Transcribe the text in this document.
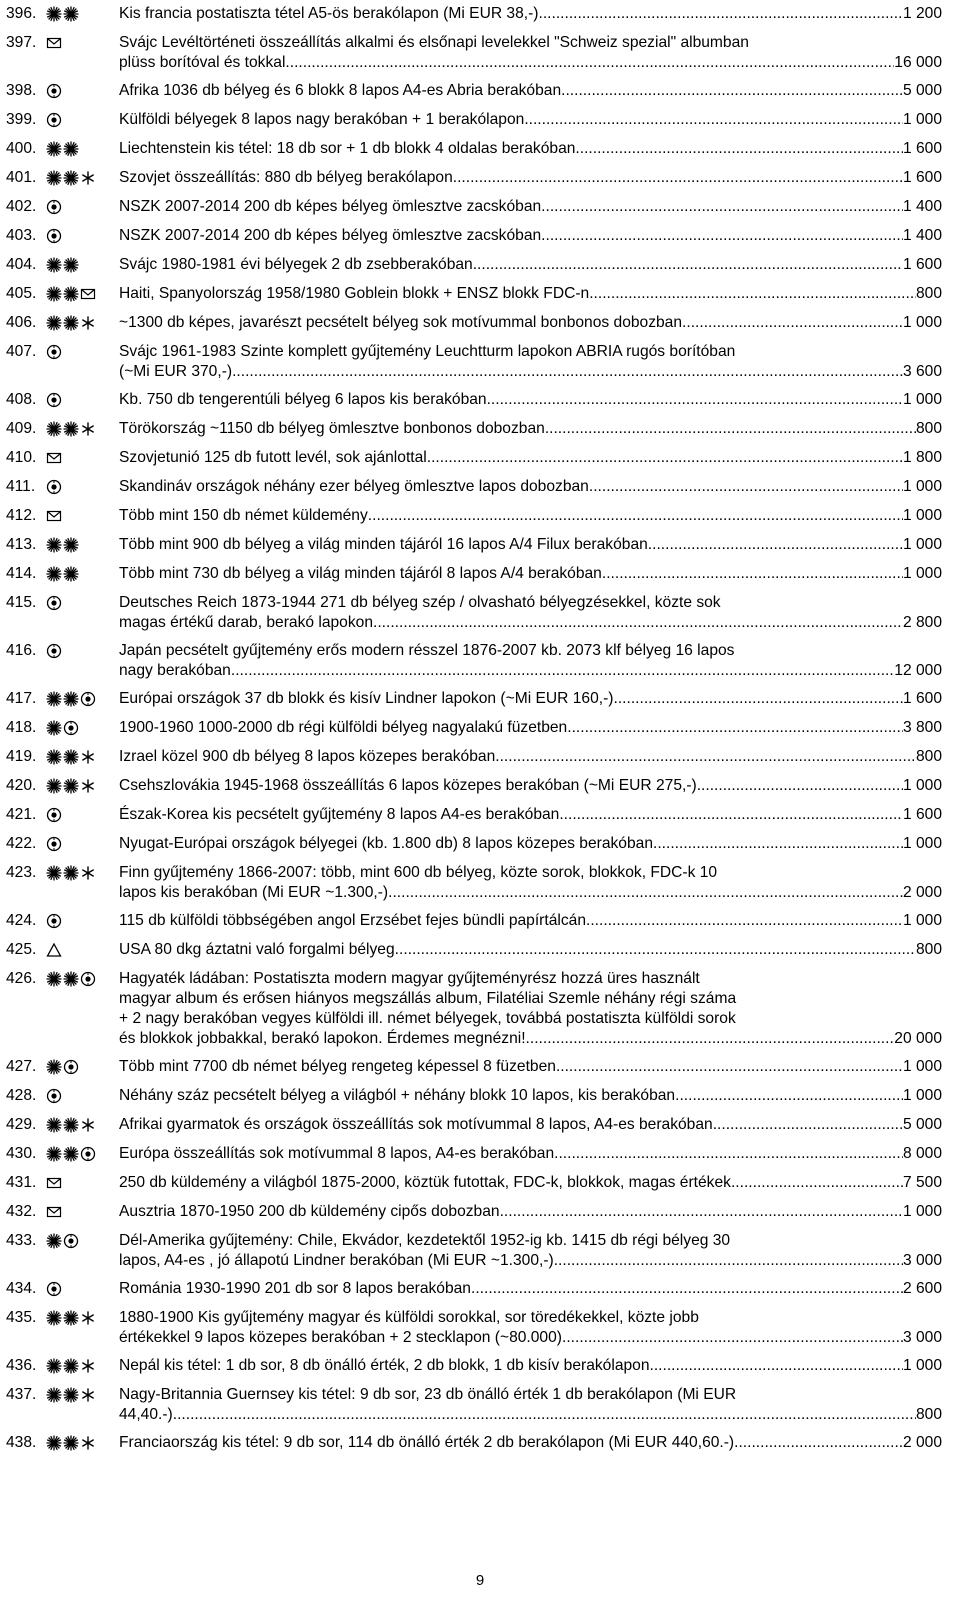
396.	Kis francia postatiszta tétel A5-ös berakólapon (Mi EUR 38,-) .....	1 200
397.	Svájc Levéltörténeti összeállítás alkalmi és elsőnapi levelekkel "Schweiz spezial" albumban
plüss borítóval és tokkal .....	16 000
398.	Afrika 1036 db bélyeg és 6 blokk 8 lapos A4-es Abria berakóban .....	5 000
399.	Külföldi bélyegek 8 lapos nagy berakóban + 1 berakólapon .....	1 000
400.	Liechtenstein kis tétel: 18 db sor + 1 db blokk 4 oldalas berakóban .....	1 600
401.	Szovjet összeállítás: 880 db bélyeg berakólapon .....	1 600
402.	NSZK 2007-2014 200 db képes bélyeg ömlesztve zacskóban .....	1 400
403.	NSZK 2007-2014 200 db képes bélyeg ömlesztve zacskóban .....	1 400
404.	Svájc 1980-1981 évi bélyegek 2 db zsebberakóban .....	1 600
405.	Haiti, Spanyolország 1958/1980 Goblein blokk + ENSZ blokk FDC-n .....	800
406.	~1300 db képes, javarészt pecsételt bélyeg sok motívummal bonbonos dobozban .....	1 000
407.	Svájc 1961-1983 Szinte komplett gyűjtemény Leuchtturm lapokon ABRIA rugós borítóban
(~Mi EUR 370,-) .....	3 600
408.	Kb. 750 db tengerentúli bélyeg 6 lapos kis berakóban .....	1 000
409.	Törökország ~1150 db bélyeg ömlesztve bonbonos dobozban .....	800
410.	Szovjetunió 125 db futott levél, sok ajánlottal .....	1 800
411.	Skandináv országok néhány ezer bélyeg ömlesztve lapos dobozban .....	1 000
412.	Több mint 150 db német küldemény .....	1 000
413.	Több mint 900 db bélyeg a világ minden tájáról 16 lapos A/4 Filux berakóban .....	1 000
414.	Több mint 730 db bélyeg a világ minden tájáról 8 lapos A/4 berakóban .....	1 000
415.	Deutsches Reich 1873-1944 271 db bélyeg szép / olvasható bélyegzésekkel, közte sok
magas értékű darab, berakó lapokon .....	2 800
416.	Japán pecsételt gyűjtemény erős modern résszel 1876-2007 kb. 2073 klf bélyeg 16 lapos
nagy berakóban .....	12 000
417.	Európai országok 37 db blokk és kisív Lindner lapokon (~Mi EUR 160,-) .....	1 600
418.	1900-1960 1000-2000 db régi külföldi bélyeg nagyalakú füzetben .....	3 800
419.	Izrael közel 900 db bélyeg 8 lapos közepes berakóban .....	800
420.	Csehszlovákia 1945-1968 összeállítás 6 lapos közepes berakóban (~Mi EUR 275,-) .....	1 000
421.	Észak-Korea kis pecsételt gyűjtemény 8 lapos A4-es berakóban .....	1 600
422.	Nyugat-Európai országok bélyegei (kb. 1.800 db) 8 lapos közepes berakóban .....	1 000
423.	Finn gyűjtemény 1866-2007: több, mint 600 db bélyeg, közte sorok, blokkok, FDC-k 10
lapos kis berakóban (Mi EUR ~1.300,-) .....	2 000
424.	115 db külföldi többségében angol Erzsébet fejes bündli papírtálcán .....	1 000
425.	USA 80 dkg áztatni való forgalmi bélyeg .....	800
426.	Hagyaték ládában: Postatiszta modern magyar gyűjteményrész hozzá üres használt
magyar album és erősen hiányos megszállás album, Filatéliai Szemle néhány régi száma
+ 2 nagy berakóban vegyes külföldi ill. német bélyegek, továbbá postatiszta külföldi sorok
és blokkok jobbakkal, berakó lapokon. Érdemes megnézni! .....	20 000
427.	Több mint 7700 db német bélyeg rengeteg képessel 8 füzetben .....	1 000
428.	Néhány száz pecsételt bélyeg a világból + néhány blokk 10 lapos, kis berakóban .....	1 000
429.	Afrikai gyarmatok és országok összeállítás sok motívummal 8 lapos, A4-es berakóban .....	5 000
430.	Európa összeállítás sok motívummal 8 lapos, A4-es berakóban .....	8 000
431.	250 db küldemény a világból 1875-2000, köztük futottak, FDC-k, blokkok, magas értékek .....	7 500
432.	Ausztria 1870-1950 200 db küldemény cipős dobozban .....	1 000
433.	Dél-Amerika gyűjtemény: Chile, Ekvádor, kezdetektől 1952-ig kb. 1415 db régi bélyeg 30
lapos, A4-es , jó állapotú Lindner berakóban (Mi EUR ~1.300,-) .....	3 000
434.	Románia 1930-1990 201 db sor 8 lapos berakóban .....	2 600
435.	1880-1900 Kis gyűjtemény magyar és külföldi sorokkal, sor töredékekkel, közte jobb
értékekkel 9 lapos közepes berakóban + 2 stecklapon (~80.000) .....	3 000
436.	Nepál kis tétel: 1 db sor, 8 db önálló érték, 2 db blokk, 1 db kisív berakólapon .....	1 000
437.	Nagy-Britannia Guernsey kis tétel: 9 db sor, 23 db önálló érték 1 db berakólapon (Mi EUR
44,40.-) .....	800
438.	Franciaország kis tétel: 9 db sor, 114 db önálló érték 2 db berakólapon (Mi EUR 440,60.-) .....	2 000
9
